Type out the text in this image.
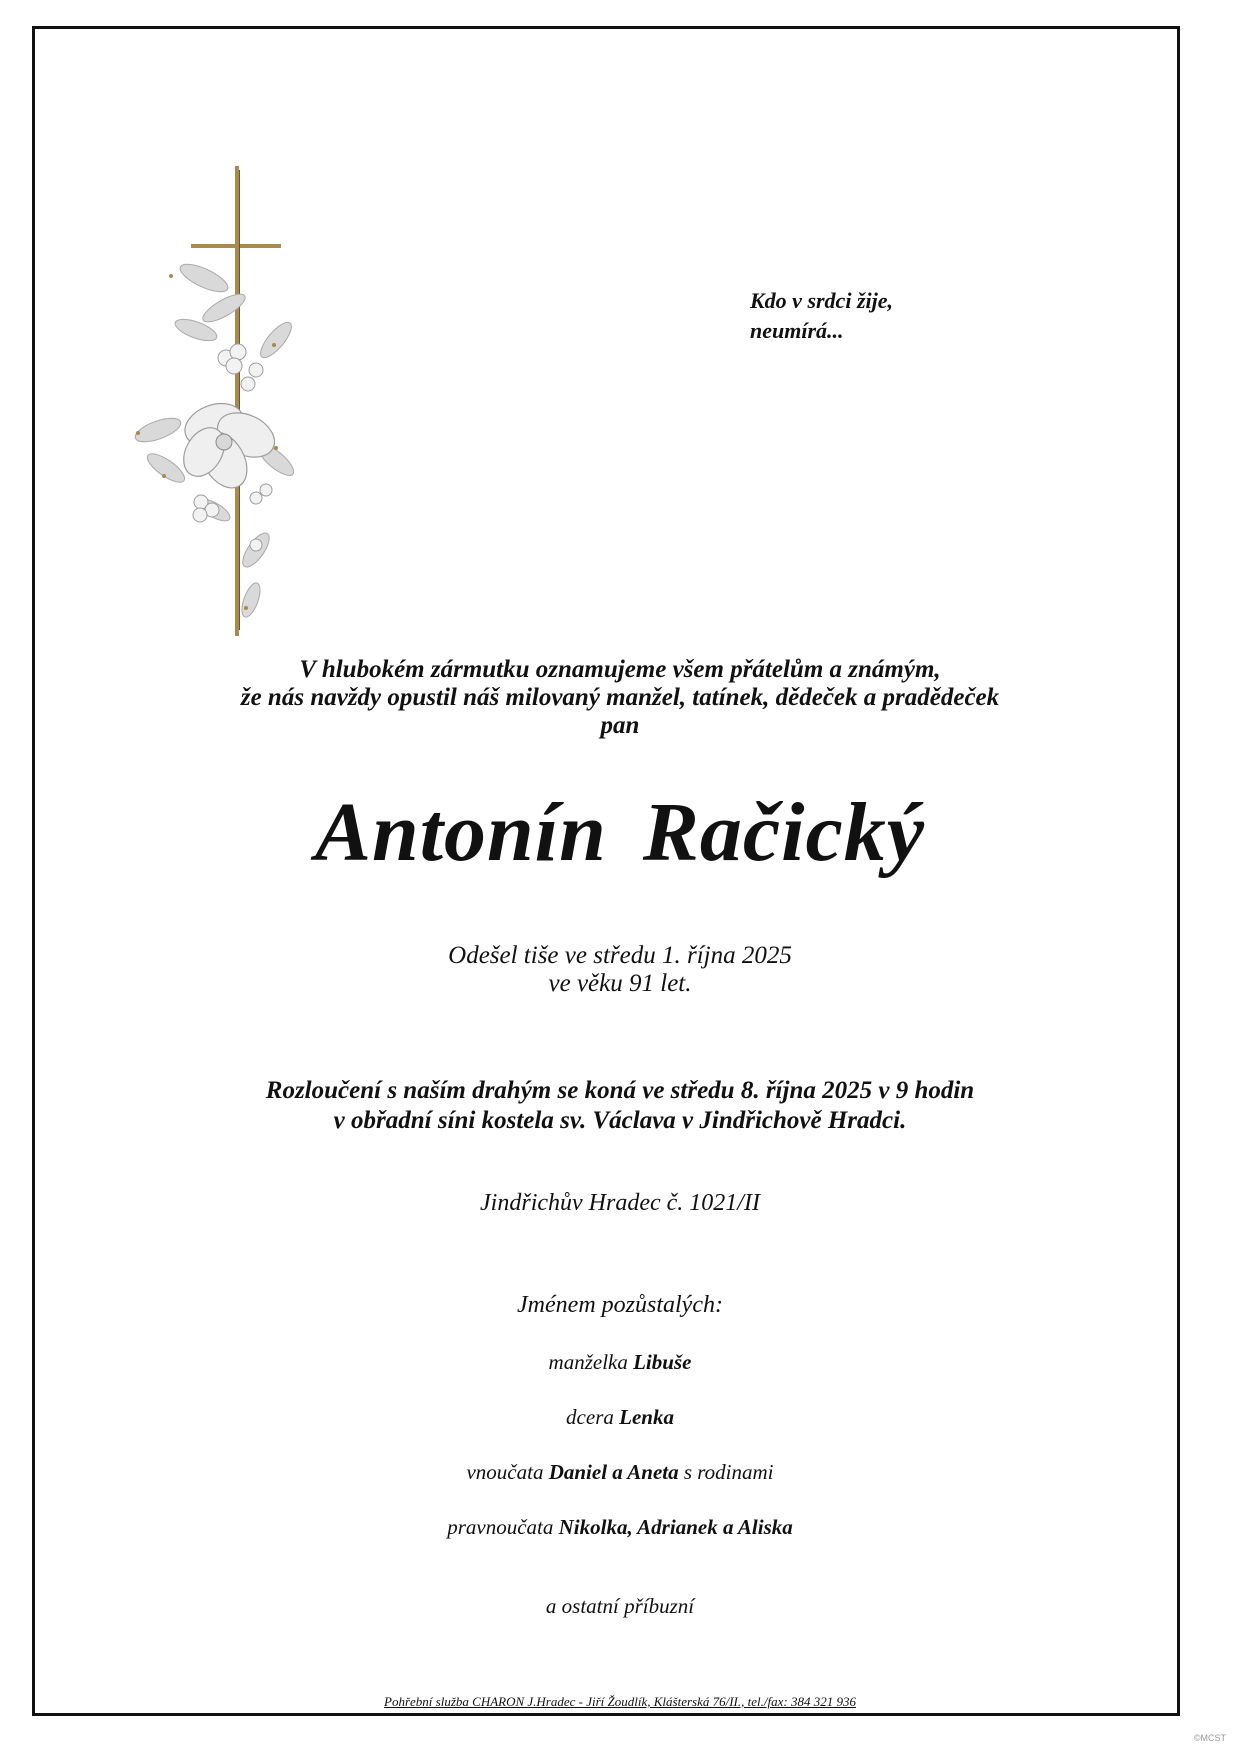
Kdo v srdci žije,
neumírá...
V hlubokém zármutku oznamujeme všem přátelům a známým,
že nás navždy opustil náš milovaný manžel, tatínek, dědeček a pradědeček
pan
Antonín Račický
Odešel tiše ve středu 1. října 2025
ve věku 91 let.
Rozloučení s naším drahým se koná ve středu 8. října 2025 v 9 hodin
v obřadní síni kostela sv. Václava v Jindřichově Hradci.
Jindřichův Hradec č. 1021/II
Jménem pozůstalých:
manželka Libuše
dcera Lenka
vnoučata Daniel a Aneta s rodinami
pravnoučata Nikolka, Adrianek a Aliska
a ostatní příbuzní
Pohřební služba CHARON J.Hradec - Jiří Žoudlík, Klášterská 76/II., tel./fax: 384 321 936
©MCST
